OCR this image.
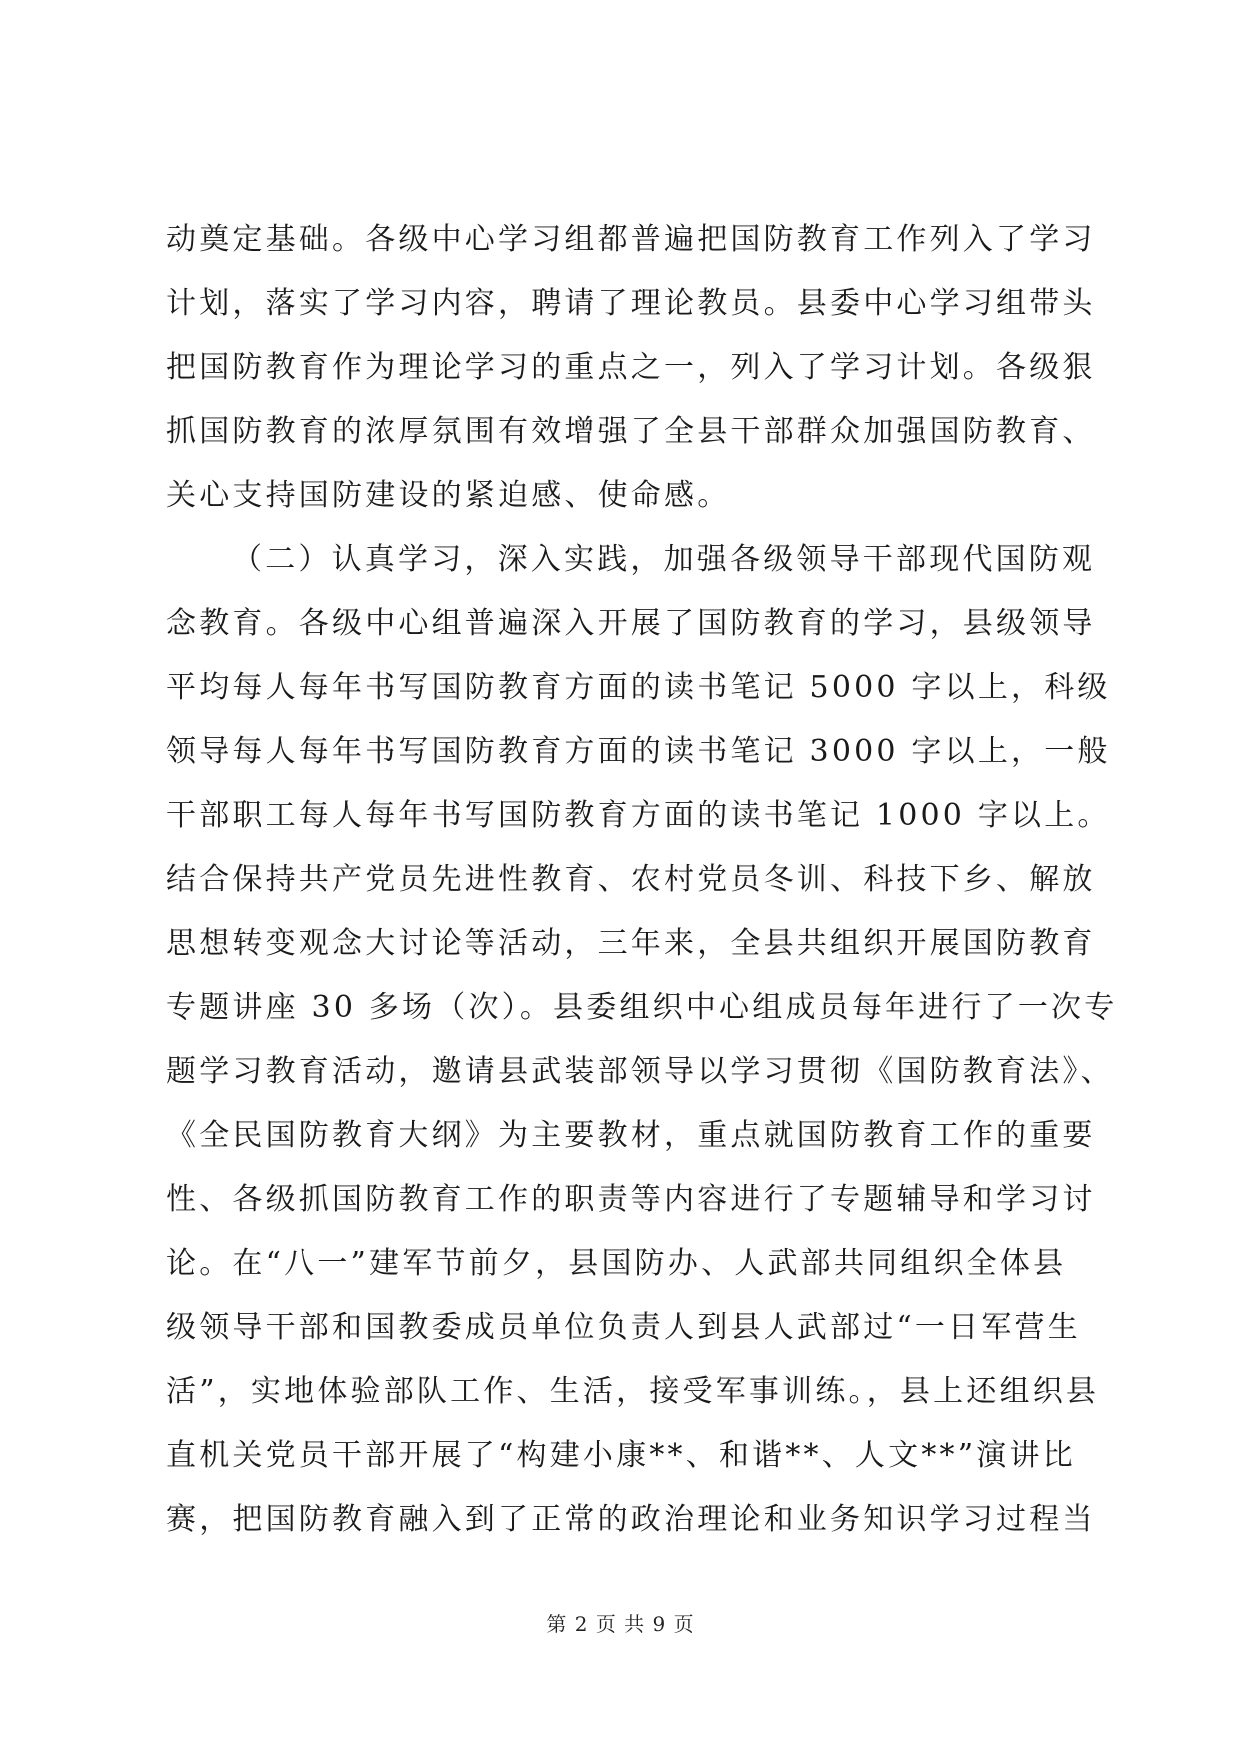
动奠定基础。各级中心学习组都普遍把国防教育工作列入了学习
计划，落实了学习内容，聘请了理论教员。县委中心学习组带头
把国防教育作为理论学习的重点之一，列入了学习计划。各级狠
抓国防教育的浓厚氛围有效增强了全县干部群众加强国防教育、
关心支持国防建设的紧迫感、使命感。
（二）认真学习，深入实践，加强各级领导干部现代国防观
念教育。各级中心组普遍深入开展了国防教育的学习，县级领导
平均每人每年书写国防教育方面的读书笔记 5000 字以上，科级
领导每人每年书写国防教育方面的读书笔记 3000 字以上，一般
干部职工每人每年书写国防教育方面的读书笔记 1000 字以上。
结合保持共产党员先进性教育、农村党员冬训、科技下乡、解放
思想转变观念大讨论等活动，三年来，全县共组织开展国防教育
专题讲座 30 多场（次）。县委组织中心组成员每年进行了一次专
题学习教育活动，邀请县武装部领导以学习贯彻《国防教育法》、
《全民国防教育大纲》为主要教材，重点就国防教育工作的重要
性、各级抓国防教育工作的职责等内容进行了专题辅导和学习讨
论。在“八一”建军节前夕，县国防办、人武部共同组织全体县
级领导干部和国教委成员单位负责人到县人武部过“一日军营生
活”，实地体验部队工作、生活，接受军事训练。，县上还组织县
直机关党员干部开展了“构建小康**、和谐**、人文**”演讲比
赛，把国防教育融入到了正常的政治理论和业务知识学习过程当
第 2 页 共 9 页
